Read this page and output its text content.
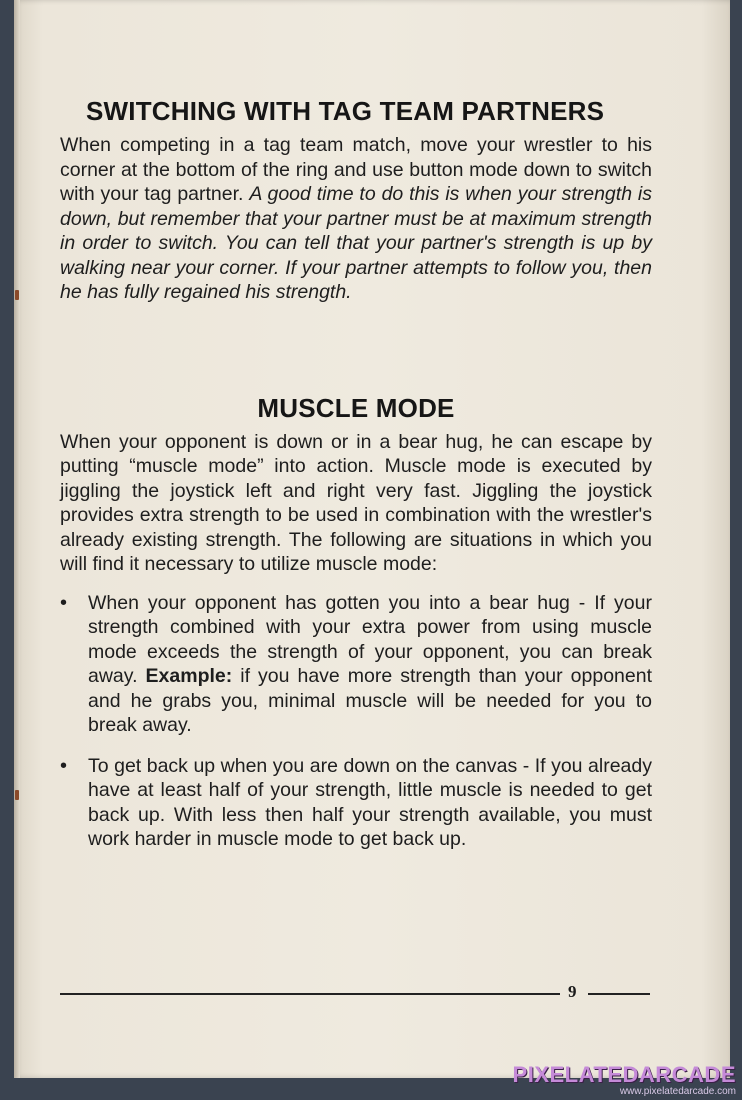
SWITCHING WITH TAG TEAM PARTNERS

When competing in a tag team match, move your wrestler to his corner at the bottom of the ring and use button mode down to switch with your tag partner. A good time to do this is when your strength is down, but remember that your partner must be at maximum strength in order to switch. You can tell that your partner's strength is up by walking near your corner. If your partner attempts to follow you, then he has fully regained his strength.

MUSCLE MODE

When your opponent is down or in a bear hug, he can escape by putting “muscle mode” into action. Muscle mode is executed by jiggling the joystick left and right very fast. Jiggling the joystick provides extra strength to be used in combination with the wrestler's already existing strength. The following are situations in which you will find it necessary to utilize muscle mode:

• When your opponent has gotten you into a bear hug - If your strength combined with your extra power from using muscle mode exceeds the strength of your opponent, you can break away. Example: if you have more strength than your opponent and he grabs you, minimal muscle will be needed for you to break away.
• To get back up when you are down on the canvas - If you already have at least half of your strength, little muscle is needed to get back up. With less then half your strength available, you must work harder in muscle mode to get back up.
9
PIXELATEDARCADE
www.pixelatedarcade.com
